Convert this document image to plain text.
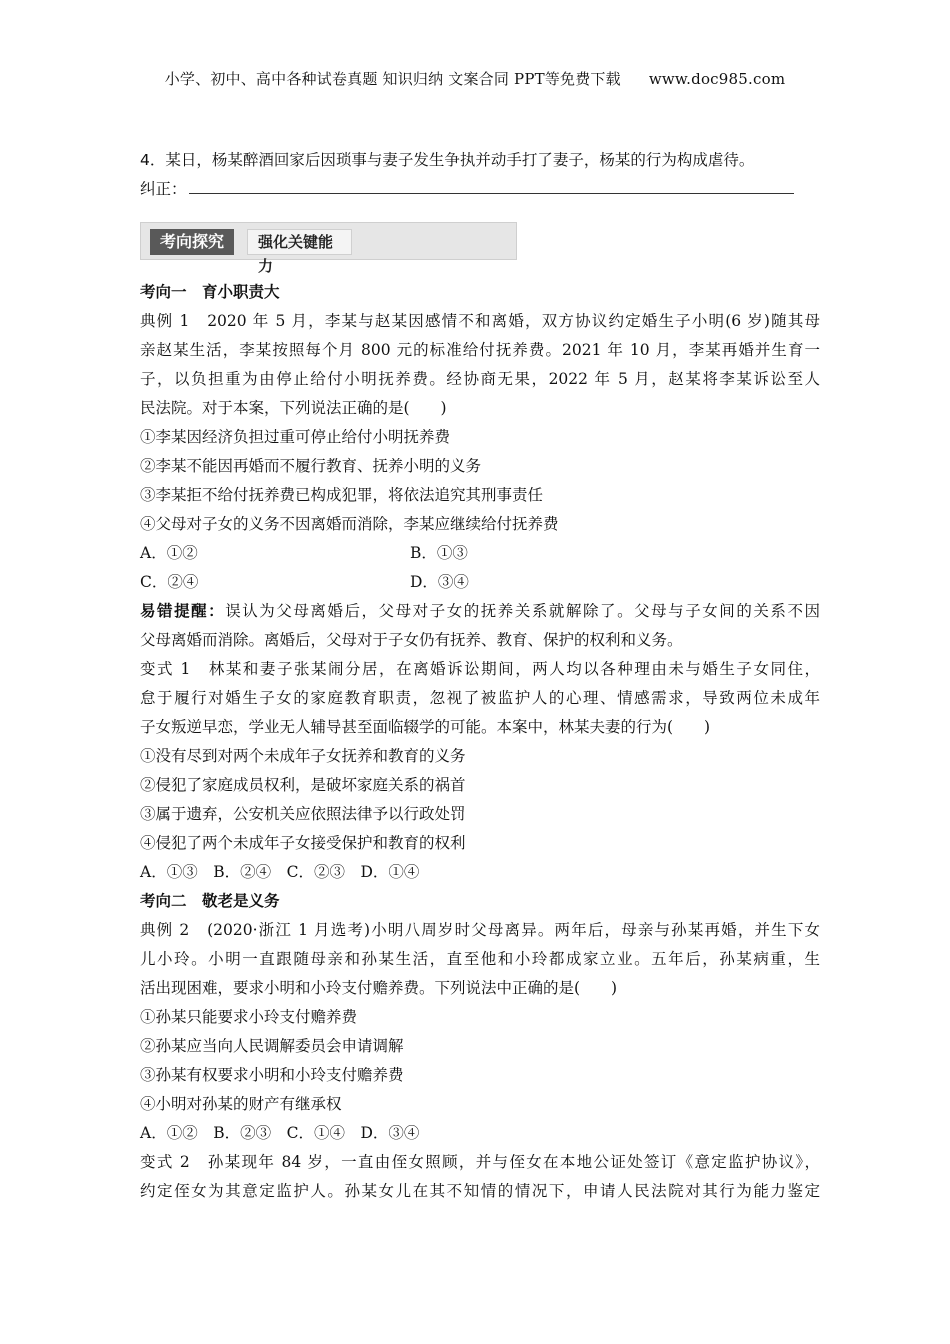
小学、初中、高中各种试卷真题 知识归纳 文案合同 PPT等免费下载 www.doc985.com
4．某日，杨某醉酒回家后因琐事与妻子发生争执并动手打了妻子，杨某的行为构成虐待。
纠正：
考向探究	强化关键能力
考向一　育小职责大
典例 1　2020 年 5 月，李某与赵某因感情不和离婚，双方协议约定婚生子小明(6 岁)随其母
亲赵某生活，李某按照每个月 800 元的标准给付抚养费。2021 年 10 月，李某再婚并生育一
子，以负担重为由停止给付小明抚养费。经协商无果，2022 年 5 月，赵某将李某诉讼至人
民法院。对于本案，下列说法正确的是(　　)
①李某因经济负担过重可停止给付小明抚养费
②李某不能因再婚而不履行教育、抚养小明的义务
③李某拒不给付抚养费已构成犯罪，将依法追究其刑事责任
④父母对子女的义务不因离婚而消除，李某应继续给付抚养费
A．①②	B．①③
C．②④	D．③④
易错提醒：误认为父母离婚后，父母对子女的抚养关系就解除了。父母与子女间的关系不因
父母离婚而消除。离婚后，父母对于子女仍有抚养、教育、保护的权利和义务。
变式 1　林某和妻子张某闹分居，在离婚诉讼期间，两人均以各种理由未与婚生子女同住，
怠于履行对婚生子女的家庭教育职责，忽视了被监护人的心理、情感需求，导致两位未成年
子女叛逆早恋，学业无人辅导甚至面临辍学的可能。本案中，林某夫妻的行为(　　)
①没有尽到对两个未成年子女抚养和教育的义务
②侵犯了家庭成员权利，是破坏家庭关系的祸首
③属于遗弃，公安机关应依照法律予以行政处罚
④侵犯了两个未成年子女接受保护和教育的权利
A．①③　B．②④　C．②③　D．①④
考向二　敬老是义务
典例 2　(2020·浙江 1 月选考)小明八周岁时父母离异。两年后，母亲与孙某再婚，并生下女
儿小玲。小明一直跟随母亲和孙某生活，直至他和小玲都成家立业。五年后，孙某病重，生
活出现困难，要求小明和小玲支付赡养费。下列说法中正确的是(　　)
①孙某只能要求小玲支付赡养费
②孙某应当向人民调解委员会申请调解
③孙某有权要求小明和小玲支付赡养费
④小明对孙某的财产有继承权
A．①②　B．②③　C．①④　D．③④
变式 2　孙某现年 84 岁，一直由侄女照顾，并与侄女在本地公证处签订《意定监护协议》，
约定侄女为其意定监护人。孙某女儿在其不知情的情况下，申请人民法院对其行为能力鉴定
